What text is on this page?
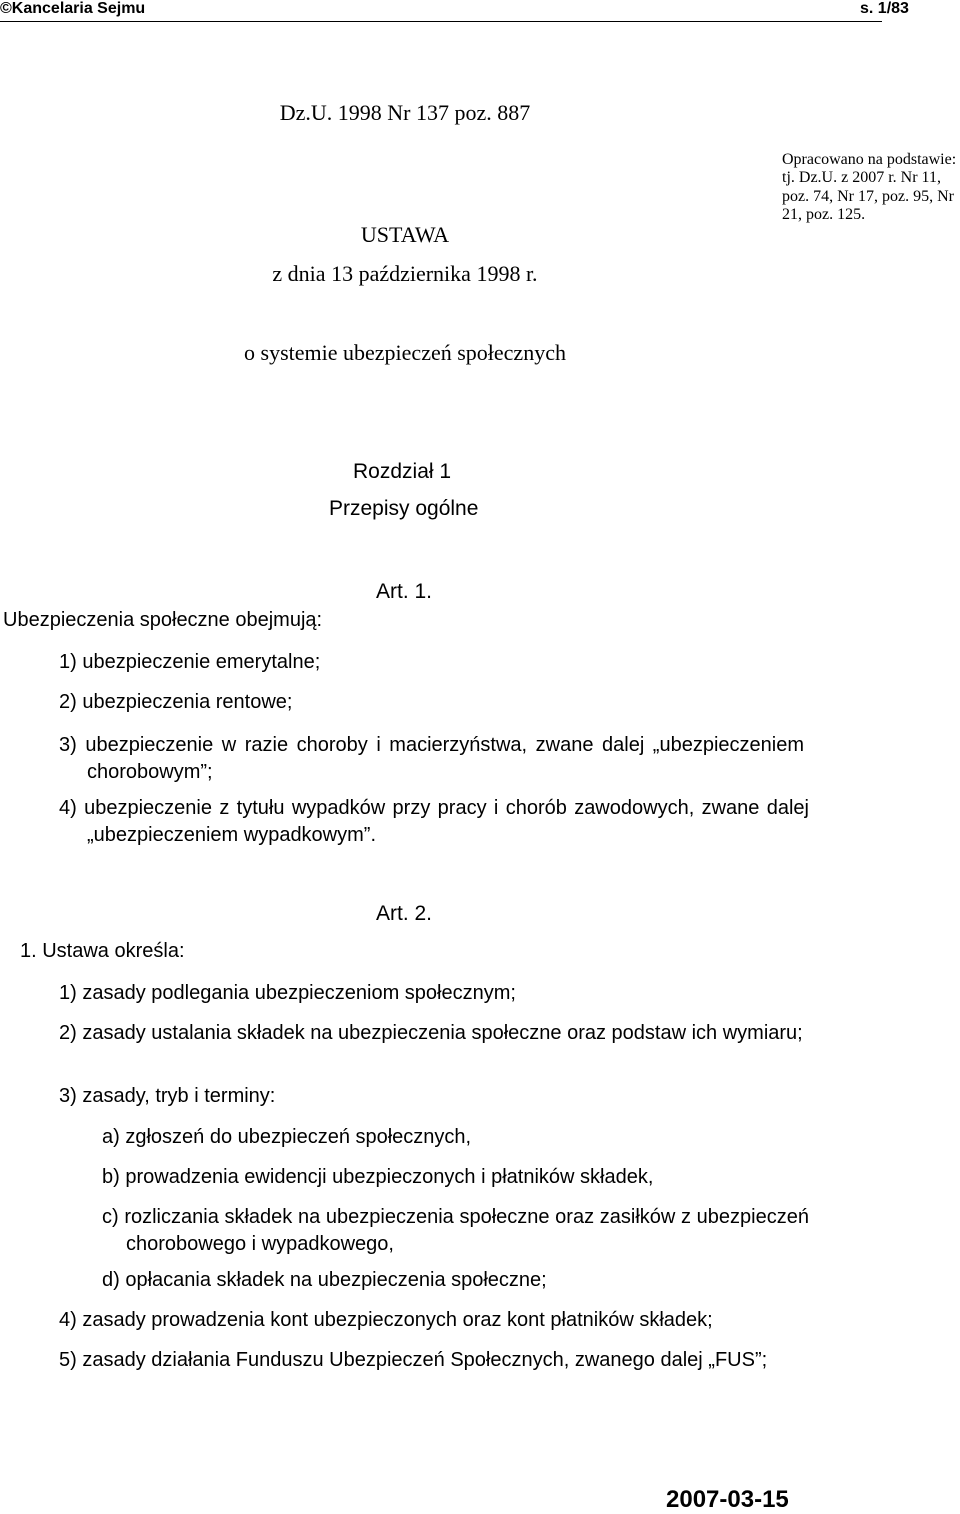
©Kancelaria Sejmu	s. 1/83
Dz.U. 1998 Nr 137 poz. 887
USTAWA
z dnia 13 października 1998 r.
o systemie ubezpieczeń społecznych
Opracowano na podstawie: tj. Dz.U. z 2007 r. Nr 11, poz. 74, Nr 17, poz. 95, Nr 21, poz. 125.
Rozdział 1
Przepisy ogólne
Art. 1.
Ubezpieczenia społeczne obejmują:
1) ubezpieczenie emerytalne;
2) ubezpieczenia rentowe;
3) ubezpieczenie w razie choroby i macierzyństwa, zwane dalej „ubezpieczeniem chorobowym”;
4) ubezpieczenie z tytułu wypadków przy pracy i chorób zawodowych, zwane dalej „ubezpieczeniem wypadkowym”.
Art. 2.
1. Ustawa określa:
1) zasady podlegania ubezpieczeniom społecznym;
2) zasady ustalania składek na ubezpieczenia społeczne oraz podstaw ich wymiaru;
3) zasady, tryb i terminy:
a) zgłoszeń do ubezpieczeń społecznych,
b) prowadzenia ewidencji ubezpieczonych i płatników składek,
c) rozliczania składek na ubezpieczenia społeczne oraz zasiłków z ubezpieczeń chorobowego i wypadkowego,
d) opłacania składek na ubezpieczenia społeczne;
4) zasady prowadzenia kont ubezpieczonych oraz kont płatników składek;
5) zasady działania Funduszu Ubezpieczeń Społecznych, zwanego dalej „FUS”;
2007-03-15
